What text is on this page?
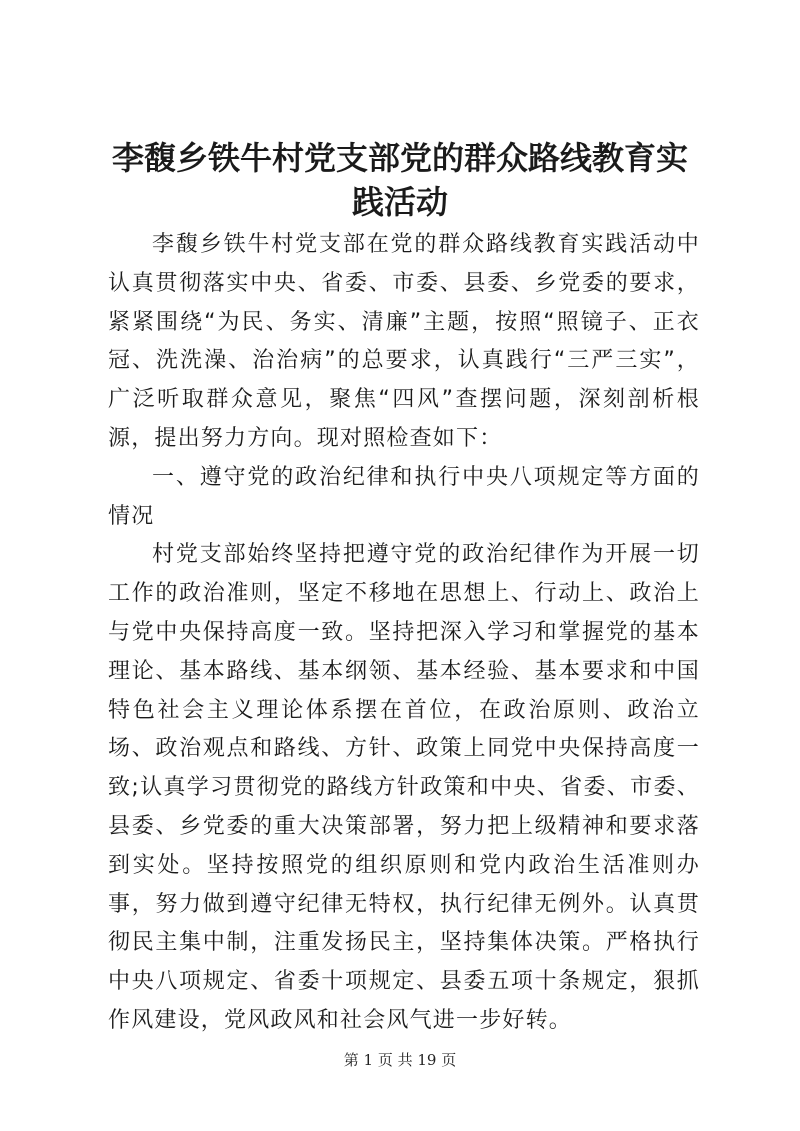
李馥乡铁牛村党支部党的群众路线教育实践活动

李馥乡铁牛村党支部在党的群众路线教育实践活动中认真贯彻落实中央、省委、市委、县委、乡党委的要求，紧紧围绕“为民、务实、清廉”主题，按照“照镜子、正衣冠、洗洗澡、治治病”的总要求，认真践行“三严三实”，广泛听取群众意见，聚焦“四风”查摆问题，深刻剖析根源，提出努力方向。现对照检查如下：

一、遵守党的政治纪律和执行中央八项规定等方面的情况

村党支部始终坚持把遵守党的政治纪律作为开展一切工作的政治准则，坚定不移地在思想上、行动上、政治上与党中央保持高度一致。坚持把深入学习和掌握党的基本理论、基本路线、基本纲领、基本经验、基本要求和中国特色社会主义理论体系摆在首位，在政治原则、政治立场、政治观点和路线、方针、政策上同党中央保持高度一致;认真学习贯彻党的路线方针政策和中央、省委、市委、县委、乡党委的重大决策部署，努力把上级精神和要求落到实处。坚持按照党的组织原则和党内政治生活准则办事，努力做到遵守纪律无特权，执行纪律无例外。认真贯彻民主集中制，注重发扬民主，坚持集体决策。严格执行中央八项规定、省委十项规定、县委五项十条规定，狠抓作风建设，党风政风和社会风气进一步好转。

第 1 页 共 19 页
